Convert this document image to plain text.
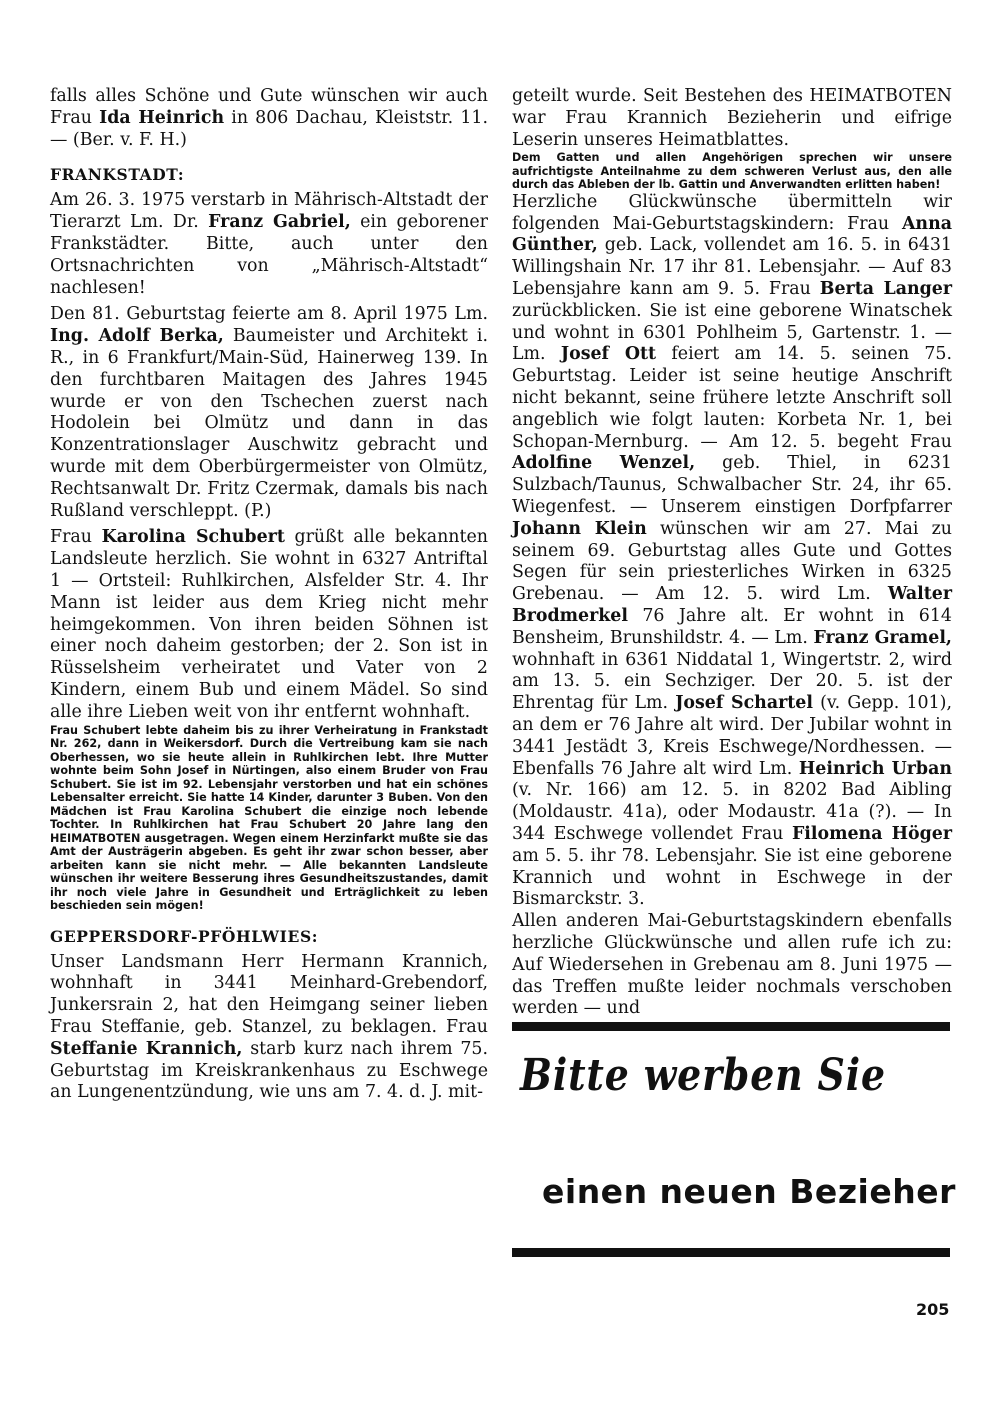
falls alles Schöne und Gute wünschen wir auch Frau Ida Heinrich in 806 Dachau, Kleiststr. 11. — (Ber. v. F. H.)

FRANKSTADT:

Am 26. 3. 1975 verstarb in Mährisch-Altstadt der Tierarzt Lm. Dr. Franz Gabriel, ein geborener Frankstädter. Bitte, auch unter den Ortsnachrichten von „Mährisch-Altstadt“ nachlesen!

Den 81. Geburtstag feierte am 8. April 1975 Lm. Ing. Adolf Berka, Baumeister und Architekt i. R., in 6 Frankfurt/Main-Süd, Hainerweg 139. In den furchtbaren Maitagen des Jahres 1945 wurde er von den Tschechen zuerst nach Hodolein bei Olmütz und dann in das Konzentrationslager Auschwitz gebracht und wurde mit dem Oberbürgermeister von Olmütz, Rechtsanwalt Dr. Fritz Czermak, damals bis nach Rußland verschleppt. (P.)

Frau Karolina Schubert grüßt alle bekannten Landsleute herzlich. Sie wohnt in 6327 Antriftal 1 — Ortsteil: Ruhlkirchen, Alsfelder Str. 4. Ihr Mann ist leider aus dem Krieg nicht mehr heimgekommen. Von ihren beiden Söhnen ist einer noch daheim gestorben; der 2. Son ist in Rüsselsheim verheiratet und Vater von 2 Kindern, einem Bub und einem Mädel. So sind alle ihre Lieben weit von ihr entfernt wohnhaft.

Frau Schubert lebte daheim bis zu ihrer Verheiratung in Frankstadt Nr. 262, dann in Weikersdorf. Durch die Vertreibung kam sie nach Oberhessen, wo sie heute allein in Ruhlkirchen lebt. Ihre Mutter wohnte beim Sohn Josef in Nürtingen, also einem Bruder von Frau Schubert. Sie ist im 92. Lebensjahr verstorben und hat ein schönes Lebensalter erreicht. Sie hatte 14 Kinder, darunter 3 Buben. Von den Mädchen ist Frau Karolina Schubert die einzige noch lebende Tochter. In Ruhlkirchen hat Frau Schubert 20 Jahre lang den HEIMATBOTEN ausgetragen. Wegen einem Herzinfarkt mußte sie das Amt der Austrägerin abgeben. Es geht ihr zwar schon besser, aber arbeiten kann sie nicht mehr. — Alle bekannten Landsleute wünschen ihr weitere Besserung ihres Gesundheitszustandes, damit ihr noch viele Jahre in Gesundheit und Erträglichkeit zu leben beschieden sein mögen!

GEPPERSDORF-PFÖHLWIES:

Unser Landsmann Herr Hermann Krannich, wohnhaft in 3441 Meinhard-Grebendorf, Junkersrain 2, hat den Heimgang seiner lieben Frau Steffanie, geb. Stanzel, zu beklagen. Frau Steffanie Krannich, starb kurz nach ihrem 75. Geburtstag im Kreiskrankenhaus zu Eschwege an Lungenentzündung, wie uns am 7. 4. d. J. mit-

geteilt wurde. Seit Bestehen des HEIMATBOTEN war Frau Krannich Bezieherin und eifrige Leserin unseres Heimatblattes.

Dem Gatten und allen Angehörigen sprechen wir unsere aufrichtigste Anteilnahme zu dem schweren Verlust aus, den alle durch das Ableben der lb. Gattin und Anverwandten erlitten haben!

Herzliche Glückwünsche übermitteln wir folgenden Mai-Geburtstagskindern: Frau Anna Günther, geb. Lack, vollendet am 16. 5. in 6431 Willingshain Nr. 17 ihr 81. Lebensjahr. — Auf 83 Lebensjahre kann am 9. 5. Frau Berta Langer zurückblicken. Sie ist eine geborene Winatschek und wohnt in 6301 Pohlheim 5, Gartenstr. 1. — Lm. Josef Ott feiert am 14. 5. seinen 75. Geburtstag. Leider ist seine heutige Anschrift nicht bekannt, seine frühere letzte Anschrift soll angeblich wie folgt lauten: Korbeta Nr. 1, bei Schopan-Mernburg. — Am 12. 5. begeht Frau Adolfine Wenzel, geb. Thiel, in 6231 Sulzbach/Taunus, Schwalbacher Str. 24, ihr 65. Wiegenfest. — Unserem einstigen Dorfpfarrer Johann Klein wünschen wir am 27. Mai zu seinem 69. Geburtstag alles Gute und Gottes Segen für sein priesterliches Wirken in 6325 Grebenau. — Am 12. 5. wird Lm. Walter Brodmerkel 76 Jahre alt. Er wohnt in 614 Bensheim, Brunshildstr. 4. — Lm. Franz Gramel, wohnhaft in 6361 Niddatal 1, Wingertstr. 2, wird am 13. 5. ein Sechziger. Der 20. 5. ist der Ehrentag für Lm. Josef Schartel (v. Gepp. 101), an dem er 76 Jahre alt wird. Der Jubilar wohnt in 3441 Jestädt 3, Kreis Eschwege/Nordhessen. — Ebenfalls 76 Jahre alt wird Lm. Heinrich Urban (v. Nr. 166) am 12. 5. in 8202 Bad Aibling (Moldaustr. 41a), oder Modaustr. 41a (?). — In 344 Eschwege vollendet Frau Filomena Höger am 5. 5. ihr 78. Lebensjahr. Sie ist eine geborene Krannich und wohnt in Eschwege in der Bismarckstr. 3.

Allen anderen Mai-Geburtstagskindern ebenfalls herzliche Glückwünsche und allen rufe ich zu: Auf Wiedersehen in Grebenau am 8. Juni 1975 — das Treffen mußte leider nochmals verschoben werden — und

Bitte werben Sie
einen neuen Bezieher
205
